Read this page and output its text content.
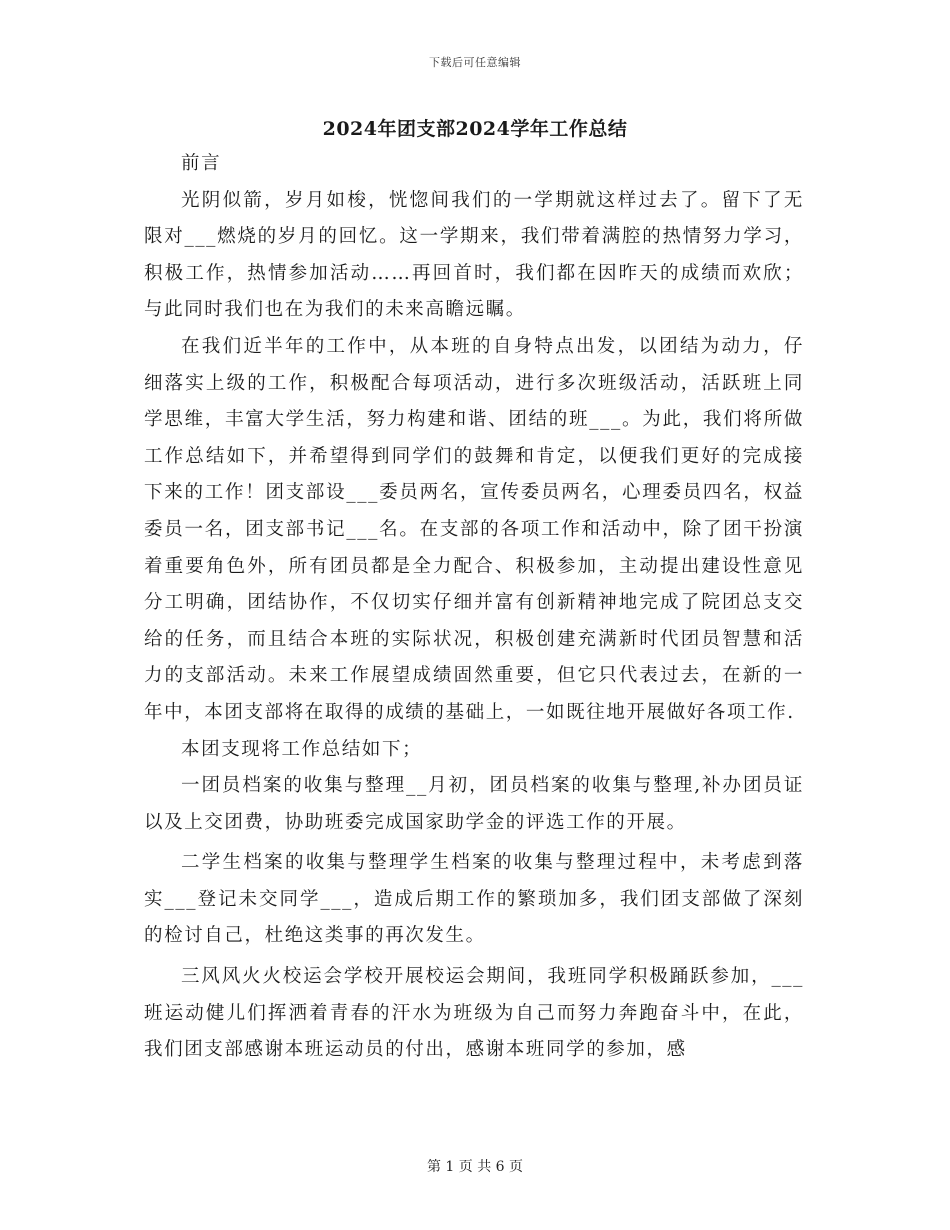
下载后可任意编辑
2024年团支部2024学年工作总结

前言

光阴似箭，岁月如梭，恍惚间我们的一学期就这样过去了。留下了无限对___燃烧的岁月的回忆。这一学期来，我们带着满腔的热情努力学习，积极工作，热情参加活动……再回首时，我们都在因昨天的成绩而欢欣；与此同时我们也在为我们的未来高瞻远瞩。

在我们近半年的工作中，从本班的自身特点出发，以团结为动力，仔细落实上级的工作，积极配合每项活动，进行多次班级活动，活跃班上同学思维，丰富大学生活，努力构建和谐、团结的班___。为此，我们将所做工作总结如下，并希望得到同学们的鼓舞和肯定，以便我们更好的完成接下来的工作！团支部设___委员两名，宣传委员两名，心理委员四名，权益委员一名，团支部书记___名。在支部的各项工作和活动中，除了团干扮演着重要角色外，所有团员都是全力配合、积极参加，主动提出建设性意见分工明确，团结协作，不仅切实仔细并富有创新精神地完成了院团总支交给的任务，而且结合本班的实际状况，积极创建充满新时代团员智慧和活力的支部活动。未来工作展望成绩固然重要，但它只代表过去，在新的一年中，本团支部将在取得的成绩的基础上，一如既往地开展做好各项工作.

本团支现将工作总结如下；

一团员档案的收集与整理__月初，团员档案的收集与整理,补办团员证以及上交团费，协助班委完成国家助学金的评选工作的开展。

二学生档案的收集与整理学生档案的收集与整理过程中，未考虑到落实___登记未交同学___，造成后期工作的繁琐加多，我们团支部做了深刻的检讨自己，杜绝这类事的再次发生。

三风风火火校运会学校开展校运会期间，我班同学积极踊跃参加，___班运动健儿们挥洒着青春的汗水为班级为自己而努力奔跑奋斗中，在此，我们团支部感谢本班运动员的付出，感谢本班同学的参加，感

第 1 页 共 6 页
